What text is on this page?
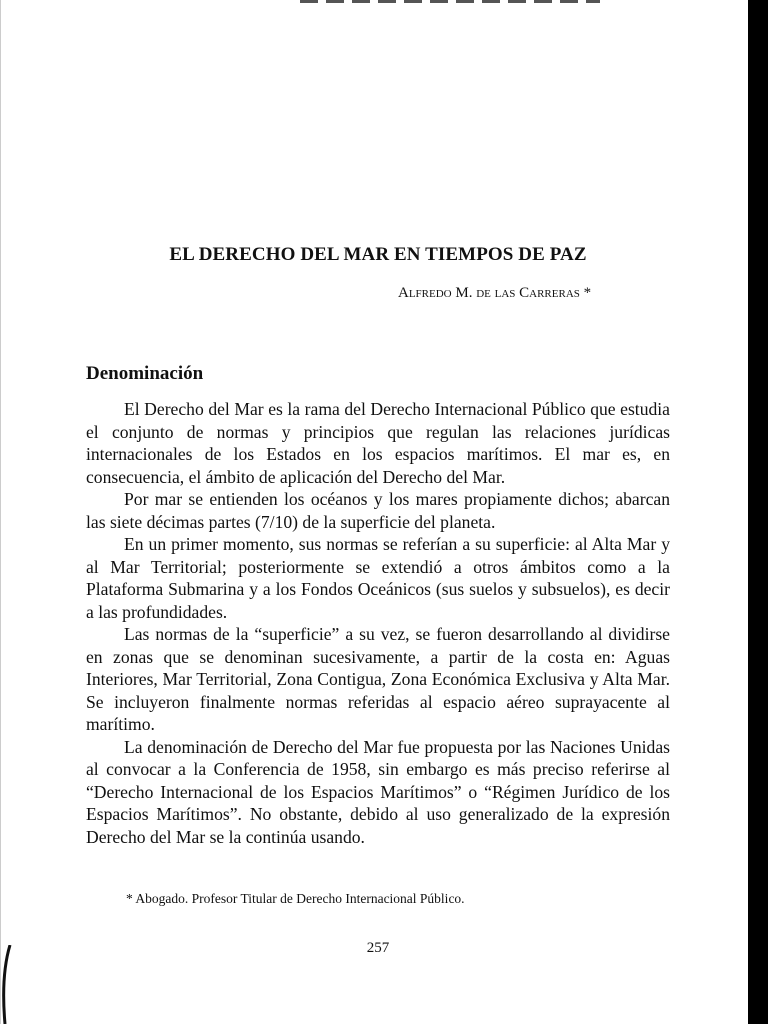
EL DERECHO DEL MAR EN TIEMPOS DE PAZ

Alfredo M. de las Carreras *

Denominación

El Derecho del Mar es la rama del Derecho Internacional Público que estudia el conjunto de normas y principios que regulan las relaciones jurídicas internacionales de los Estados en los espacios marítimos. El mar es, en consecuencia, el ámbito de aplicación del Derecho del Mar.

Por mar se entienden los océanos y los mares propiamente dichos; abarcan las siete décimas partes (7/10) de la superficie del planeta.

En un primer momento, sus normas se referían a su superficie: al Alta Mar y al Mar Territorial; posteriormente se extendió a otros ámbitos como a la Plataforma Submarina y a los Fondos Oceánicos (sus suelos y subsuelos), es decir a las profundidades.

Las normas de la “superficie” a su vez, se fueron desarrollando al dividirse en zonas que se denominan sucesivamente, a partir de la costa en: Aguas Interiores, Mar Territorial, Zona Contigua, Zona Económica Exclusiva y Alta Mar. Se incluyeron finalmente normas referidas al espacio aéreo suprayacente al marítimo.

La denominación de Derecho del Mar fue propuesta por las Naciones Unidas al convocar a la Conferencia de 1958, sin embargo es más preciso referirse al “Derecho Internacional de los Espacios Marítimos” o “Régimen Jurídico de los Espacios Marítimos”. No obstante, debido al uso generalizado de la expresión Derecho del Mar se la continúa usando.

* Abogado. Profesor Titular de Derecho Internacional Público.

257
